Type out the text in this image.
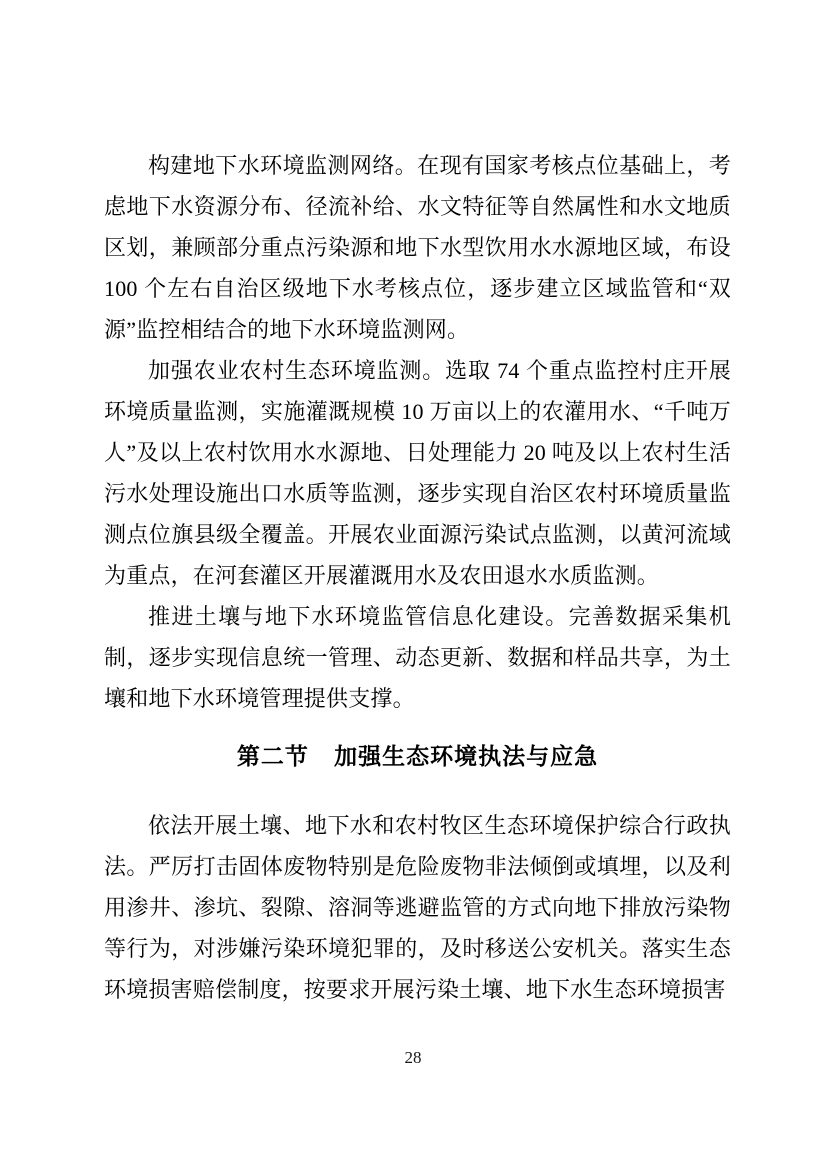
构建地下水环境监测网络。在现有国家考核点位基础上，考虑地下水资源分布、径流补给、水文特征等自然属性和水文地质区划，兼顾部分重点污染源和地下水型饮用水水源地区域，布设 100 个左右自治区级地下水考核点位，逐步建立区域监管和“双源”监控相结合的地下水环境监测网。

加强农业农村生态环境监测。选取 74 个重点监控村庄开展环境质量监测，实施灌溉规模 10 万亩以上的农灌用水、“千吨万人”及以上农村饮用水水源地、日处理能力 20 吨及以上农村生活污水处理设施出口水质等监测，逐步实现自治区农村环境质量监测点位旗县级全覆盖。开展农业面源污染试点监测，以黄河流域为重点，在河套灌区开展灌溉用水及农田退水水质监测。

推进土壤与地下水环境监管信息化建设。完善数据采集机制，逐步实现信息统一管理、动态更新、数据和样品共享，为土壤和地下水环境管理提供支撑。

第二节 加强生态环境执法与应急

依法开展土壤、地下水和农村牧区生态环境保护综合行政执法。严厉打击固体废物特别是危险废物非法倾倒或填埋，以及利用渗井、渗坑、裂隙、溶洞等逃避监管的方式向地下排放污染物等行为，对涉嫌污染环境犯罪的，及时移送公安机关。落实生态环境损害赔偿制度，按要求开展污染土壤、地下水生态环境损害

28
